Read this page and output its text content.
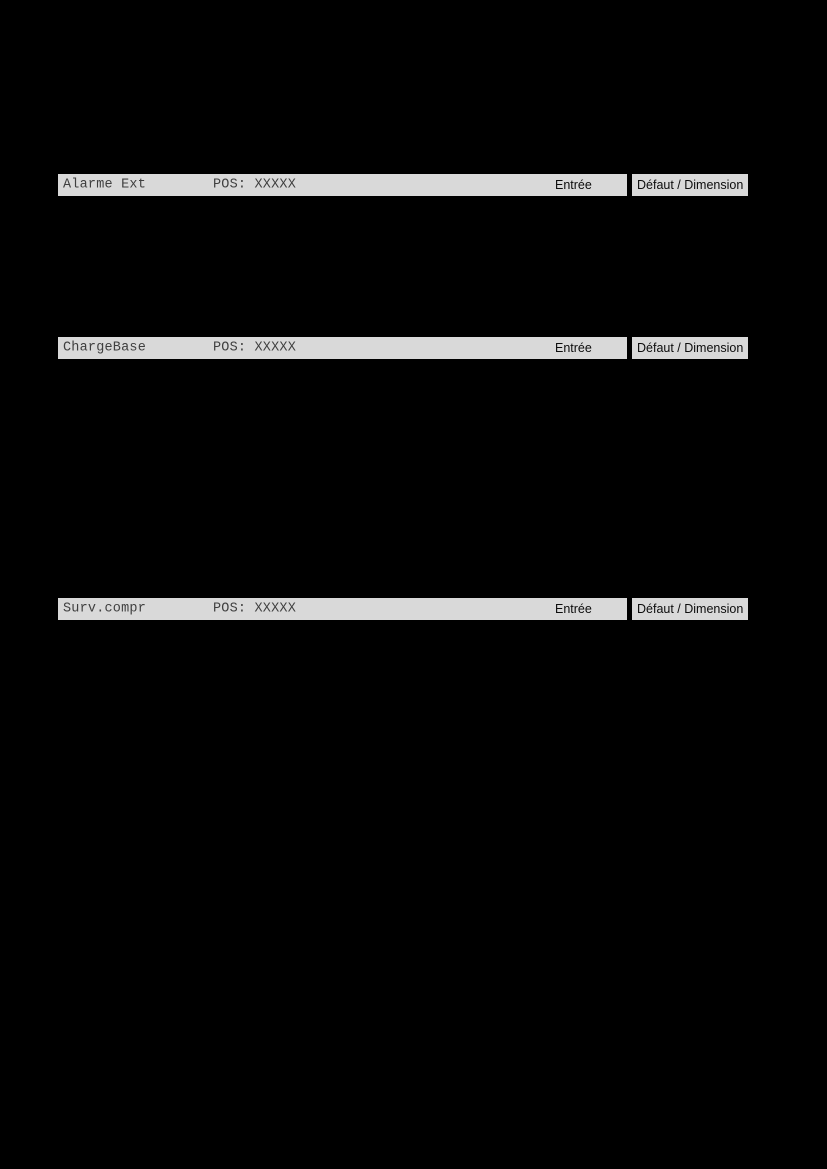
Alarme Ext	POS: XXXXX	Entrée	Défaut / Dimension
ChargeBase	POS: XXXXX	Entrée	Défaut / Dimension
Surv.compr	POS: XXXXX	Entrée	Défaut / Dimension
